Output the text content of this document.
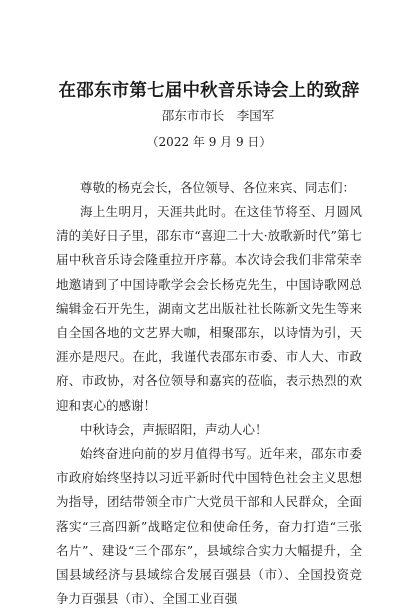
在邵东市第七届中秋音乐诗会上的致辞

邵东市市长　李国军

（2022 年 9 月 9 日）

尊敬的杨克会长，各位领导、各位来宾、同志们：

海上生明月，天涯共此时。在这佳节将至、月圆风清的美好日子里，邵东市“喜迎二十大·放歌新时代”第七届中秋音乐诗会隆重拉开序幕。本次诗会我们非常荣幸地邀请到了中国诗歌学会会长杨克先生，中国诗歌网总编辑金石开先生，湖南文艺出版社社长陈新文先生等来自全国各地的文艺界大咖，相聚邵东，以诗情为引，天涯亦是咫尺。在此，我谨代表邵东市委、市人大、市政府、市政协，对各位领导和嘉宾的莅临，表示热烈的欢迎和衷心的感谢！

中秋诗会，声振昭阳，声动人心！

始终奋进向前的岁月值得书写。近年来，邵东市委市政府始终坚持以习近平新时代中国特色社会主义思想为指导，团结带领全市广大党员干部和人民群众，全面落实“三高四新”战略定位和使命任务，奋力打造“三张名片”、建设“三个邵东”，县域综合实力大幅提升，全国县域经济与县域综合发展百强县（市）、全国投资竞争力百强县（市）、全国工业百强
